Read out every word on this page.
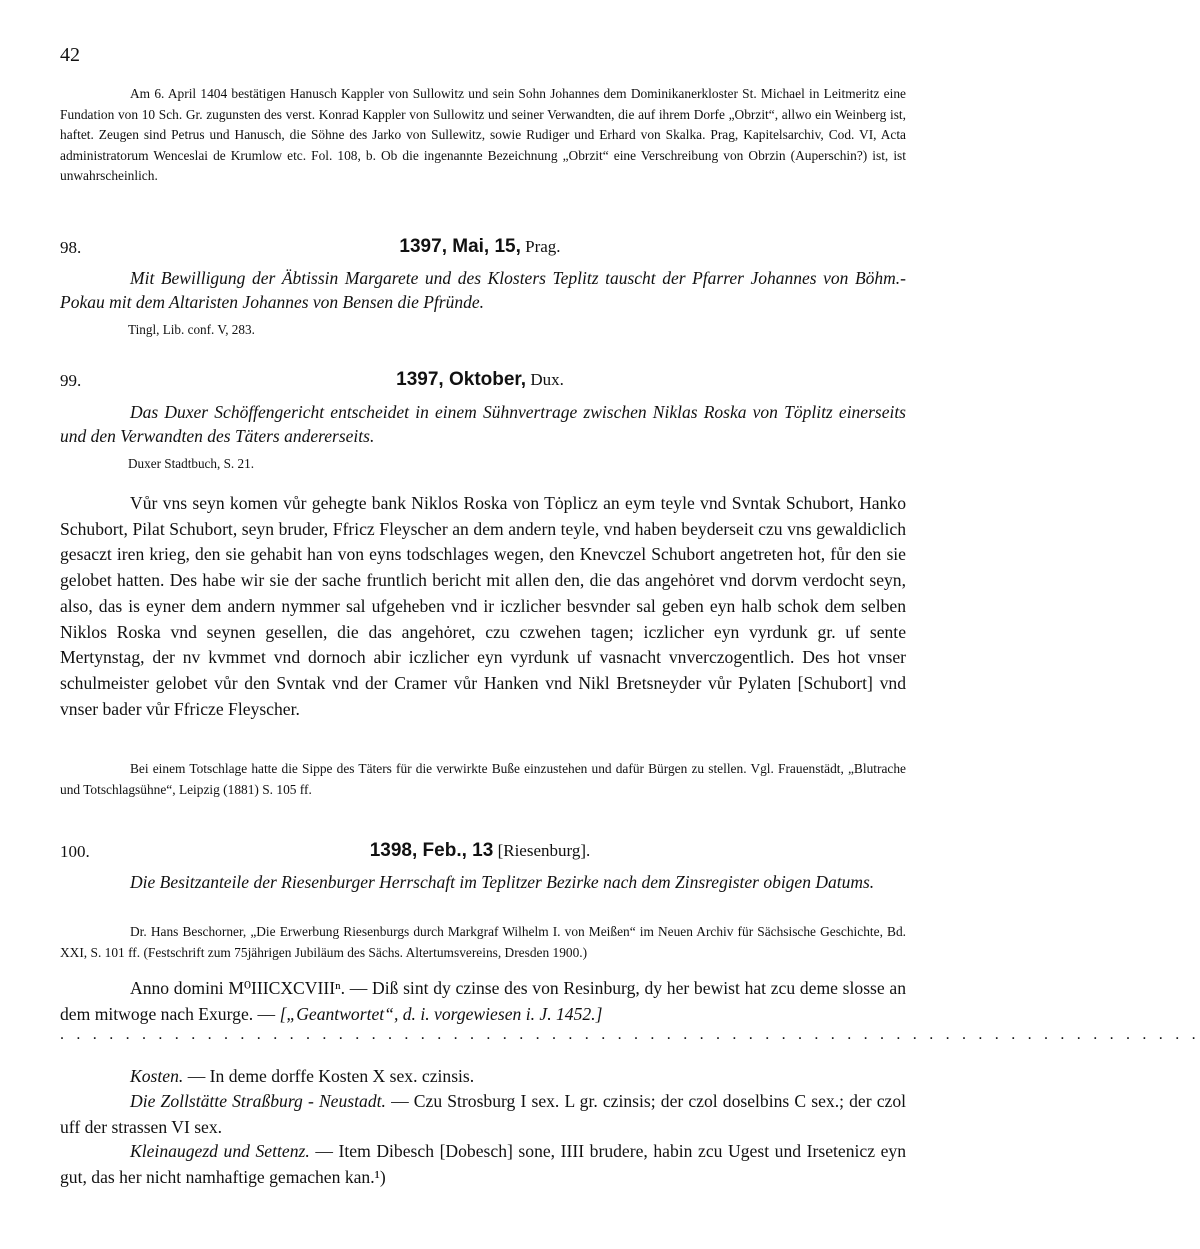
42
Am 6. April 1404 bestätigen Hanusch Kappler von Sullowitz und sein Sohn Johannes dem Dominikanerkloster St. Michael in Leitmeritz eine Fundation von 10 Sch. Gr. zugunsten des verst. Konrad Kappler von Sullowitz und seiner Verwandten, die auf ihrem Dorfe „Obrzit“, allwo ein Weinberg ist, haftet. Zeugen sind Petrus und Hanusch, die Söhne des Jarko von Sullewitz, sowie Rudiger und Erhard von Skalka. Prag, Kapitelsarchiv, Cod. VI, Acta administratorum Wenceslai de Krumlow etc. Fol. 108, b. Ob die ingenannte Bezeichnung „Obrzit“ eine Verschreibung von Obrzin (Auperschin?) ist, ist unwahrscheinlich.
98.	1397, Mai, 15, Prag.
Mit Bewilligung der Äbtissin Margarete und des Klosters Teplitz tauscht der Pfarrer Johannes von Böhm.-Pokau mit dem Altaristen Johannes von Bensen die Pfründe.
Tingl, Lib. conf. V, 283.
99.	1397, Oktober, Dux.
Das Duxer Schöffengericht entscheidet in einem Sühnvertrage zwischen Niklas Roska von Töplitz einerseits und den Verwandten des Täters andererseits.
Duxer Stadtbuch, S. 21.
Vůr vns seyn komen vůr gehegte bank Niklos Roska von Tȯplicz an eym teyle vnd Svntak Schubort, Hanko Schubort, Pilat Schubort, seyn bruder, Ffricz Fleyscher an dem andern teyle, vnd haben beyderseit czu vns gewaldiclich gesaczt iren krieg, den sie gehabit han von eyns todschlages wegen, den Knevczel Schubort angetreten hot, fůr den sie gelobet hatten. Des habe wir sie der sache fruntlich bericht mit allen den, die das angehȯret vnd dorvm verdocht seyn, also, das is eyner dem andern nymmer sal ufgeheben vnd ir iczlicher besvnder sal geben eyn halb schok dem selben Niklos Roska vnd seynen gesellen, die das angehȯret, czu czwehen tagen; iczlicher eyn vyrdunk gr. uf sente Mertynstag, der nv kvmmet vnd dornoch abir iczlicher eyn vyrdunk uf vasnacht vnverczogentlich. Des hot vnser schulmeister gelobet vůr den Svntak vnd der Cramer vůr Hanken vnd Nikl Bretsneyder vůr Pylaten [Schubort] vnd vnser bader vůr Ffricze Fleyscher.
Bei einem Totschlage hatte die Sippe des Täters für die verwirkte Buße einzustehen und dafür Bürgen zu stellen. Vgl. Frauenstädt, „Blutrache und Totschlagsühne“, Leipzig (1881) S. 105 ff.
100.	1398, Feb., 13 [Riesenburg].
Die Besitzanteile der Riesenburger Herrschaft im Teplitzer Bezirke nach dem Zinsregister obigen Datums.
Dr. Hans Beschorner, „Die Erwerbung Riesenburgs durch Markgraf Wilhelm I. von Meißen“ im Neuen Archiv für Sächsische Geschichte, Bd. XXI, S. 101 ff. (Festschrift zum 75jährigen Jubiläum des Sächs. Altertumsvereins, Dresden 1900.)
Anno domini M⁰IIICXCVIIIⁿ. — Diß sint dy czinse des von Resinburg, dy her bewist hat zcu deme slosse an dem mitwoge nach Exurge. — [„Geantwortet“, d. i. vorgewiesen i. J. 1452.]
. . . . . . . . . . . . . . . . . . . . . . . . . . . . . . . . . . . . . . . . . . . . . . . . . . . . . . . . . . . . . . . . . . . . . .
Kosten. — In deme dorffe Kosten X sex. czinsis.
Die Zollstätte Straßburg - Neustadt. — Czu Strosburg I sex. L gr. czinsis; der czol doselbins C sex.; der czol uff der strassen VI sex.
Kleinaugezd und Settenz. — Item Dibesch [Dobesch] sone, IIII brudere, habin zcu Ugest und Irsetenicz eyn gut, das her nicht namhaftige gemachen kan.¹)
